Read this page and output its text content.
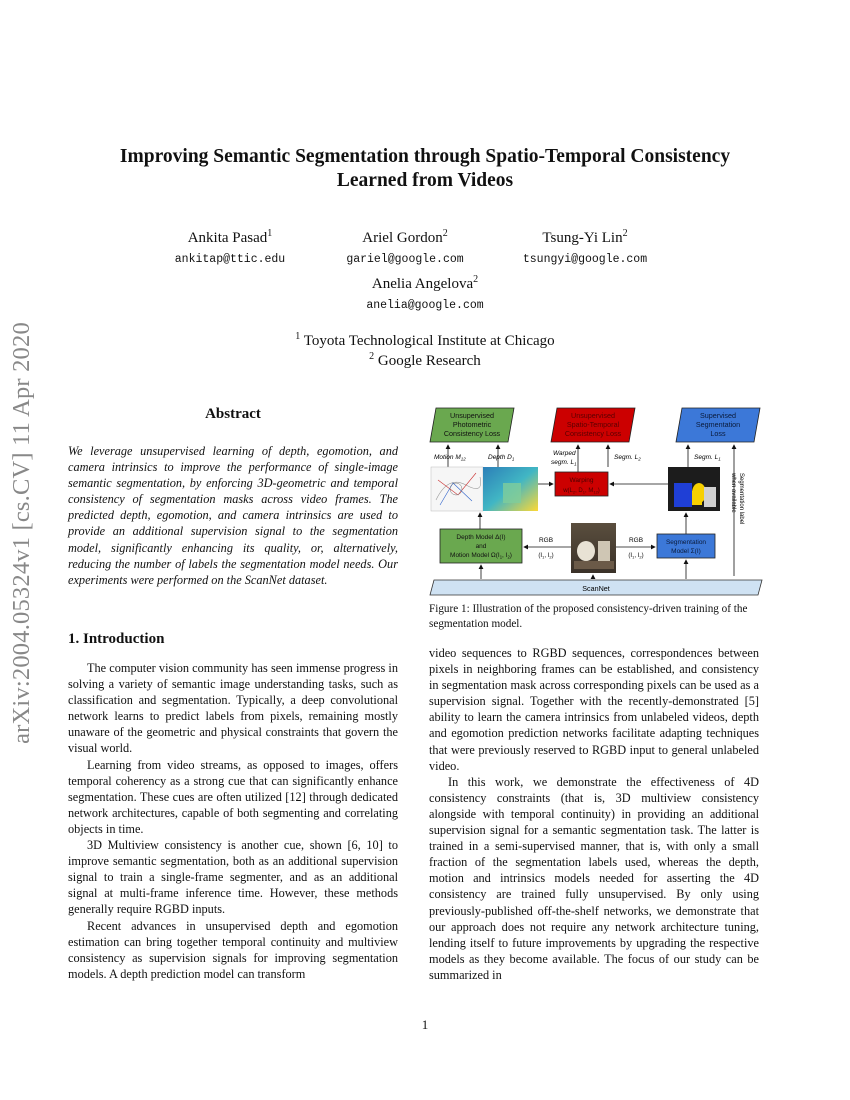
arXiv:2004.05324v1 [cs.CV] 11 Apr 2020
Improving Semantic Segmentation through Spatio-Temporal Consistency
Learned from Videos
Ankita Pasad$^1$
ankitap@ttic.edu
Ariel Gordon$^2$
gariel@google.com
Tsung-Yi Lin$^2$
tsungyi@google.com
Anelia Angelova$^2$
anelia@google.com
$^1$ Toyota Technological Institute at Chicago
$^2$ Google Research
Abstract
We leverage unsupervised learning of depth, egomotion, and camera intrinsics to improve the performance of single-image semantic segmentation, by enforcing 3D-geometric and temporal consistency of segmentation masks across video frames. The predicted depth, egomotion, and camera intrinsics are used to provide an additional supervision signal to the segmentation model, significantly enhancing its quality, or, alternatively, reducing the number of labels the segmentation model needs. Our experiments were performed on the ScanNet dataset.
1. Introduction

The computer vision community has seen immense progress in solving a variety of semantic image understanding tasks, such as classification and segmentation. Typically, a deep convolutional network learns to predict labels from pixels, remaining mostly unaware of the geometric and physical constraints that govern the visual world.

Learning from video streams, as opposed to images, offers temporal coherency as a strong cue that can significantly enhance segmentation. These cues are often utilized [12] through dedicated network architectures, capable of both segmenting and correlating objects in time.

3D Multiview consistency is another cue, shown [6, 10] to improve semantic segmentation, both as an additional supervision signal to train a single-frame segmenter, and as an additional signal at multi-frame inference time. However, these methods generally require RGBD inputs.

Recent advances in unsupervised depth and egomotion estimation can bring together temporal continuity and multiview consistency as supervision signals for improving segmentation models. A depth prediction model can transform

Unsupervised
Photometric
Consistency Loss
Unsupervised
Spatio-Temporal
Consistency Loss
Supervised
Segmentation
Loss
Motion $M_{12}$	Depth $D_1$
Warped
segm. $L_1$
Segm. $L_2$	Segm. $L_1$
Warping
$w(L_2$, $D_1$, $M_{12}$)	Segmentation label
when available
Depth Model Δ(I)
and
Motion Model $\Omega(I_1$, $I_2$)
RGB
($I_1$, $I_2$)
RGB
($I_1$, $I_2$)
Segmentation
Model Σ(I)
ScanNet
Figure 1: Illustration of the proposed consistency-driven training of the segmentation model.

video sequences to RGBD sequences, correspondences between pixels in neighboring frames can be established, and consistency in segmentation mask across corresponding pixels can be used as a supervision signal. Together with the recently-demonstrated [5] ability to learn the camera intrinsics from unlabeled videos, depth and egomotion prediction networks facilitate adapting techniques that were previously reserved to RGBD input to general unlabeled video.

In this work, we demonstrate the effectiveness of 4D consistency constraints (that is, 3D multiview consistency alongside with temporal continuity) in providing an additional supervision signal for a semantic segmentation task. The latter is trained in a semi-supervised manner, that is, with only a small fraction of the segmentation labels used, whereas the depth, motion and intrinsics models needed for asserting the 4D consistency are trained fully unsupervised. By only using previously-published off-the-shelf networks, we demonstrate that our approach does not require any network architecture tuning, lending itself to future improvements by upgrading the respective models as they become available. The focus of our study can be summarized in

1
